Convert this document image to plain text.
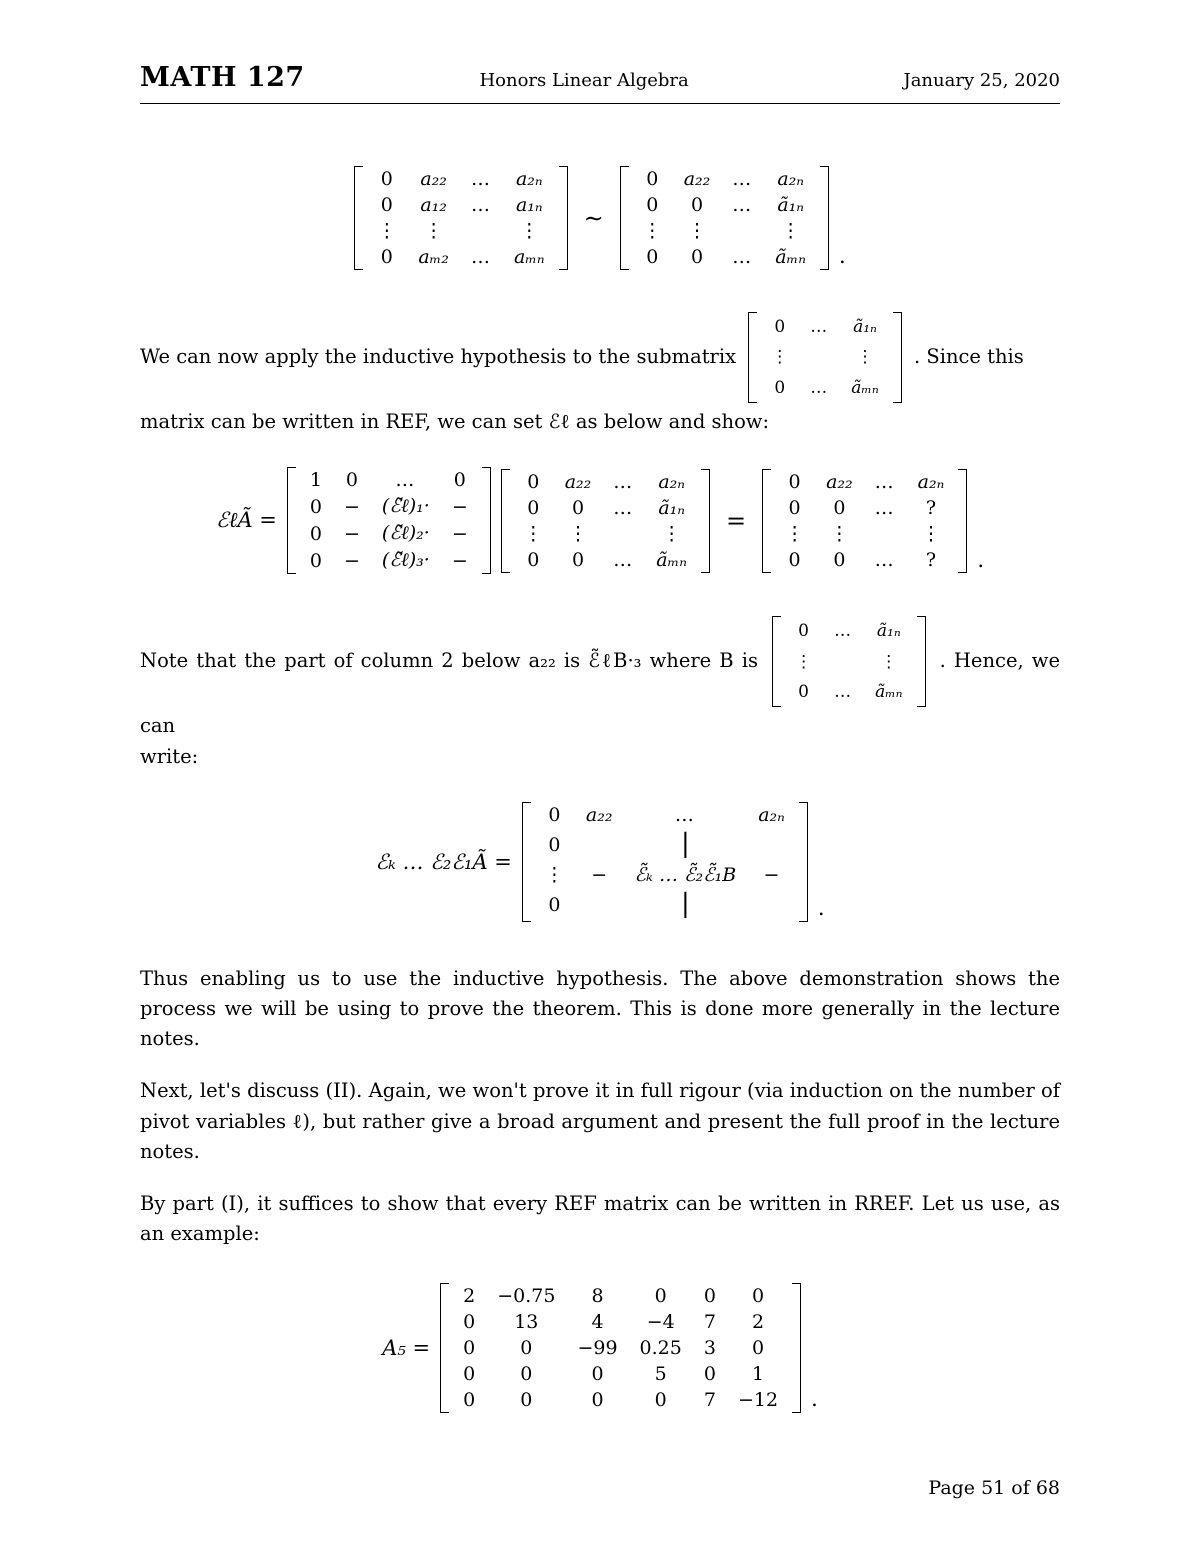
MATH 127	Honors Linear Algebra	January 25, 2020
0	a₂₂	…	a₂ₙ
0	a₁₂	…	a₁ₙ
⋮	⋮		⋮
0	aₘ₂	…	aₘₙ
∼
0	a₂₂	…	a₂ₙ
0	0	…	ã₁ₙ
⋮	⋮		⋮
0	0	…	ãₘₙ .
We can now apply the inductive hypothesis to the submatrix
0	…	ã₁ₙ
⋮		⋮
0	…	ãₘₙ
. Since this
matrix can be written in REF, we can set ℰℓ as below and show:
ℰℓÃ =
1	0	…	0
0	−	(ℰ̃ℓ)₁·	−
0	−	(ℰ̃ℓ)₂·	−
0	−	(ℰ̃ℓ)₃·	−
0	a₂₂	…	a₂ₙ
0	0	…	ã₁ₙ
⋮	⋮		⋮
0	0	…	ãₘₙ
=
0	a₂₂	…	a₂ₙ
0	0	…	?
⋮	⋮		⋮
0	0	…	? .
Note that the part of column 2 below a₂₂ is ℰ̃ℓB·₃ where B is
0	…	ã₁ₙ
⋮		⋮
0	…	ãₘₙ
. Hence, we can
write:
ℰₖ … ℰ₂ℰ₁Ã =
0	a₂₂	…	a₂ₙ
0		|	
⋮	−	ℰ̃ₖ … ℰ̃₂ℰ̃₁B	−
0		|		.
Thus enabling us to use the inductive hypothesis. The above demonstration shows the process we will be using to prove the theorem. This is done more generally in the lecture notes.
Next, let's discuss (II). Again, we won't prove it in full rigour (via induction on the number of pivot variables ℓ), but rather give a broad argument and present the full proof in the lecture notes.
By part (I), it suffices to show that every REF matrix can be written in RREF. Let us use, as an example:
A₅ =
2	−0.75	8	0	0	0
0	13	4	−4	7	2
0	0	−99	0.25	3	0
0	0	0	5	0	1
0	0	0	0	7	−12 .
Page 51 of 68
